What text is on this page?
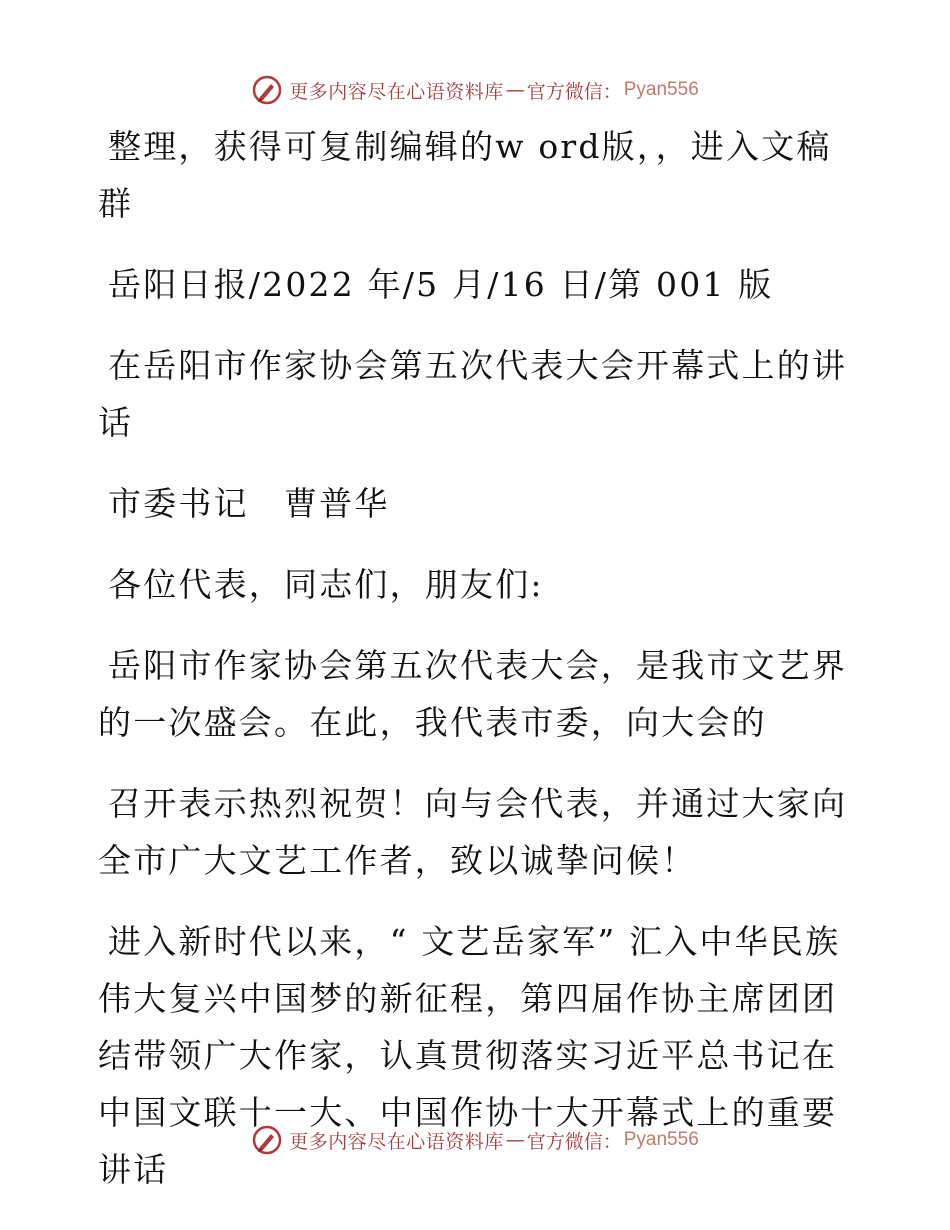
更多内容尽在心语资料库 — 官方微信： Pyan556

整理，获得可复制编辑的w ord版，，进入文稿群

岳阳日报/2022 年/5 月/16 日/第 001 版

在岳阳市作家协会第五次代表大会开幕式上的讲话

市委书记　曹普华

各位代表，同志们，朋友们:

岳阳市作家协会第五次代表大会，是我市文艺界的一次盛会。在此，我代表市委，向大会的

召开表示热烈祝贺！向与会代表，并通过大家向全市广大文艺工作者，致以诚挚问候！

进入新时代以来，“ 文艺岳家军” 汇入中华民族伟大复兴中国梦的新征程，第四届作协主席团团结带领广大作家，认真贯彻落实习近平总书记在中国文联十一大、中国作协十大开幕式上的重要讲话

更多内容尽在心语资料库 — 官方微信： Pyan556
